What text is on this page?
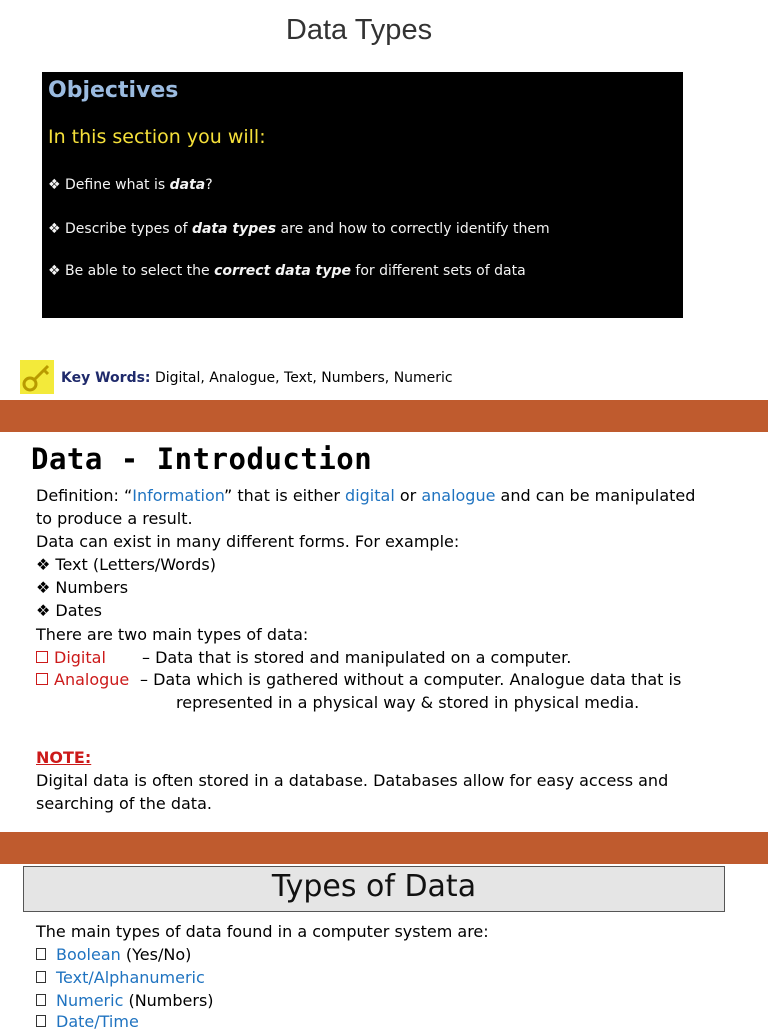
Data Types
Objectives
In this section you will:
❖ Define what is data?
❖ Describe types of data types are and how to correctly identify them
❖ Be able to select the correct data type for different sets of data
Key Words: Digital, Analogue, Text, Numbers, Numeric
Data - Introduction
Definition: “Information” that is either digital or analogue and can be manipulated
to produce a result.
Data can exist in many different forms. For example:
❖ Text (Letters/Words)
❖ Numbers
❖ Dates
There are two main types of data:
Digital – Data that is stored and manipulated on a computer.
Analogue – Data which is gathered without a computer. Analogue data that is
represented in a physical way & stored in physical media.
NOTE:
Digital data is often stored in a database. Databases allow for easy access and
searching of the data.
Types of Data
The main types of data found in a computer system are:
Boolean (Yes/No)
Text/Alphanumeric
Numeric (Numbers)
Date/Time
